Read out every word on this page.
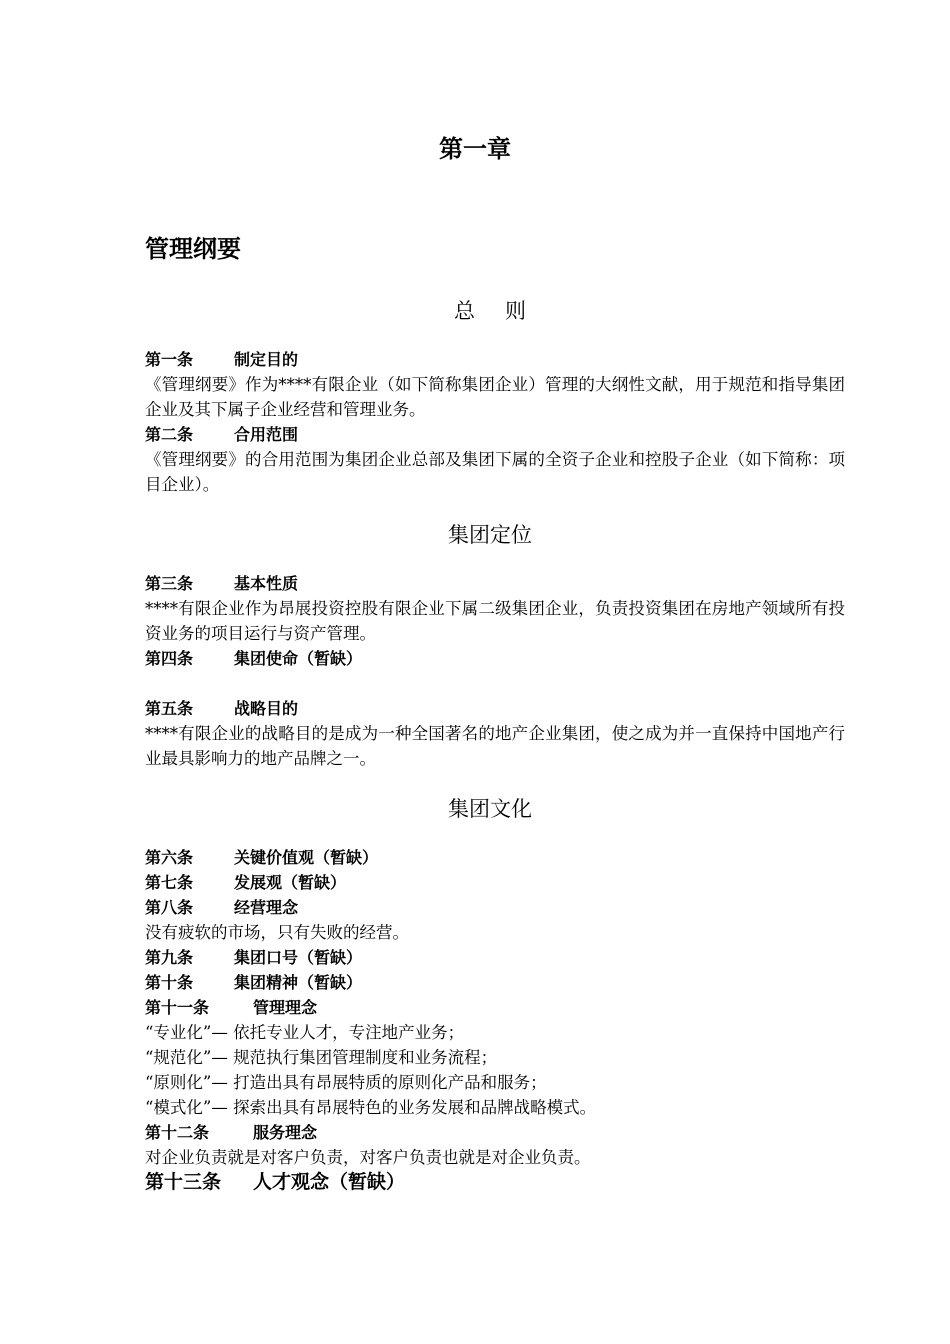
第一章
管理纲要
总 则
第一条	制定目的
《管理纲要》作为****有限企业（如下简称集团企业）管理的大纲性文献，用于规范和指导集团企业及其下属子企业经营和管理业务。
第二条	合用范围
《管理纲要》的合用范围为集团企业总部及集团下属的全资子企业和控股子企业（如下简称：项目企业）。
集团定位
第三条	基本性质
****有限企业作为昂展投资控股有限企业下属二级集团企业，负责投资集团在房地产领域所有投资业务的项目运行与资产管理。
第四条	集团使命（暂缺）
第五条	战略目的
****有限企业的战略目的是成为一种全国著名的地产企业集团，使之成为并一直保持中国地产行业最具影响力的地产品牌之一。
集团文化
第六条	关键价值观（暂缺）
第七条	发展观（暂缺）
第八条	经营理念
没有疲软的市场，只有失败的经营。
第九条	集团口号（暂缺）
第十条	集团精神（暂缺）
第十一条	管理理念
“专业化”— 依托专业人才，专注地产业务；
“规范化”— 规范执行集团管理制度和业务流程；
“原则化”— 打造出具有昂展特质的原则化产品和服务；
“模式化”— 探索出具有昂展特色的业务发展和品牌战略模式。
第十二条	服务理念
对企业负责就是对客户负责，对客户负责也就是对企业负责。
第十三条 人才观念（暂缺）
